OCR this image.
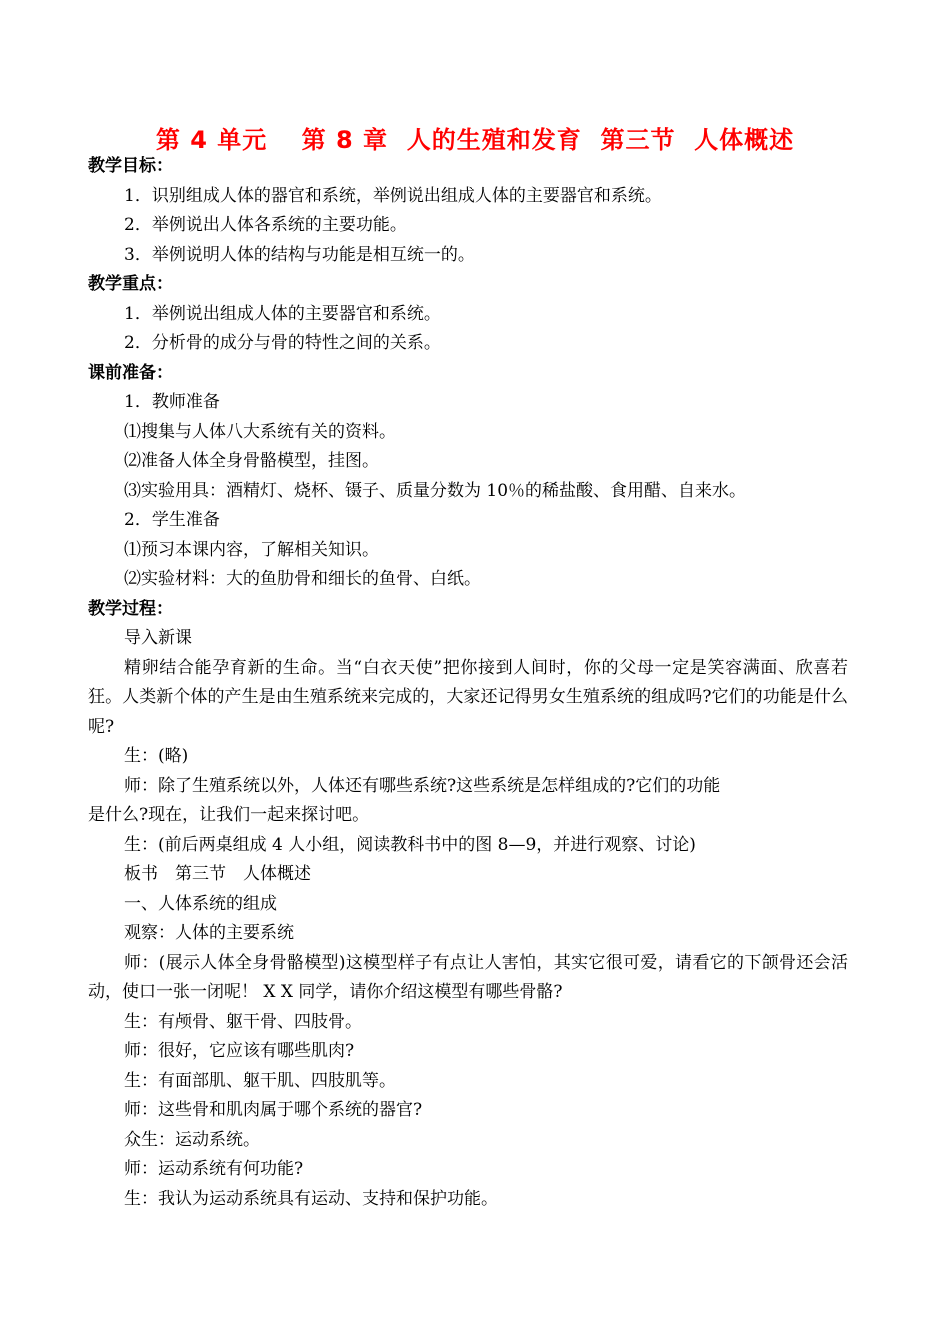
第 4 单元　 第 8 章  人的生殖和发育  第三节  人体概述

教学目标：

1．识别组成人体的器官和系统，举例说出组成人体的主要器官和系统。

2．举例说出人体各系统的主要功能。

3．举例说明人体的结构与功能是相互统一的。

教学重点：

1．举例说出组成人体的主要器官和系统。

2．分析骨的成分与骨的特性之间的关系。

课前准备：

1．教师准备

⑴搜集与人体八大系统有关的资料。

⑵准备人体全身骨骼模型，挂图。

⑶实验用具：酒精灯、烧杯、镊子、质量分数为 10％的稀盐酸、食用醋、自来水。

2．学生准备

⑴预习本课内容，了解相关知识。

⑵实验材料：大的鱼肋骨和细长的鱼骨、白纸。

教学过程：

导入新课

精卵结合能孕育新的生命。当“白衣天使”把你接到人间时，你的父母一定是笑容满面、欣喜若狂。人类新个体的产生是由生殖系统来完成的，大家还记得男女生殖系统的组成吗?它们的功能是什么呢?

生：(略)

师：除了生殖系统以外，人体还有哪些系统?这些系统是怎样组成的?它们的功能

是什么?现在，让我们一起来探讨吧。

生：(前后两桌组成 4 人小组，阅读教科书中的图 8—9，并进行观察、讨论)

板书　第三节　人体概述

一、人体系统的组成

观察：人体的主要系统

师：(展示人体全身骨骼模型)这模型样子有点让人害怕，其实它很可爱，请看它的下颌骨还会活动，使口一张一闭呢！ X X 同学，请你介绍这模型有哪些骨骼?

生：有颅骨、躯干骨、四肢骨。

师：很好，它应该有哪些肌肉?

生：有面部肌、躯干肌、四肢肌等。

师：这些骨和肌肉属于哪个系统的器官?

众生：运动系统。

师：运动系统有何功能?

生：我认为运动系统具有运动、支持和保护功能。
